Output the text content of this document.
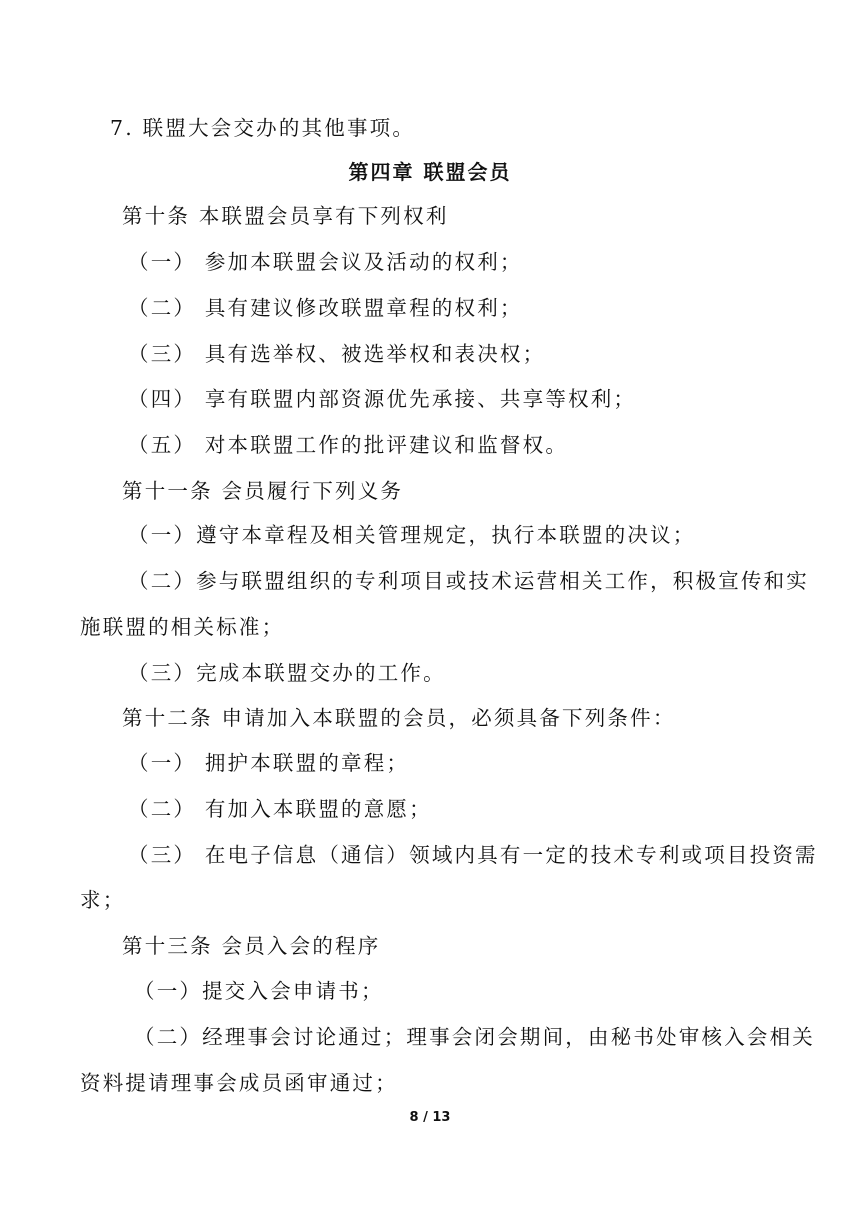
7. 联盟大会交办的其他事项。

第四章 联盟会员

第十条 本联盟会员享有下列权利

（一） 参加本联盟会议及活动的权利；

（二） 具有建议修改联盟章程的权利；

（三） 具有选举权、被选举权和表决权；

（四） 享有联盟内部资源优先承接、共享等权利；

（五） 对本联盟工作的批评建议和监督权。

第十一条 会员履行下列义务

（一）遵守本章程及相关管理规定，执行本联盟的决议；

（二）参与联盟组织的专利项目或技术运营相关工作，积极宣传和实

施联盟的相关标准；

（三）完成本联盟交办的工作。

第十二条 申请加入本联盟的会员，必须具备下列条件：

（一） 拥护本联盟的章程；

（二） 有加入本联盟的意愿；

（三） 在电子信息（通信）领域内具有一定的技术专利或项目投资需

求；

第十三条 会员入会的程序

（一）提交入会申请书；

（二）经理事会讨论通过；理事会闭会期间，由秘书处审核入会相关

资料提请理事会成员函审通过；

8 / 13
